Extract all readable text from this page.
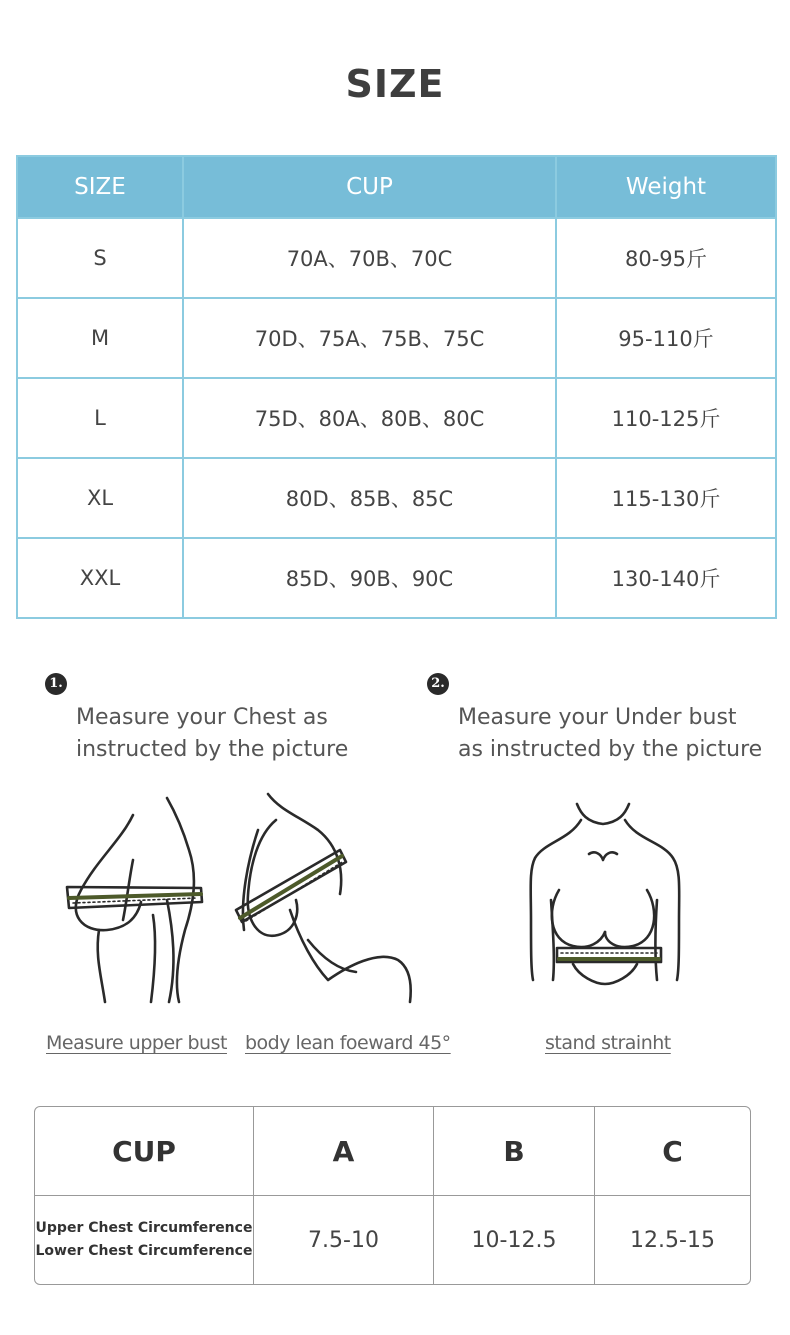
SIZE
SIZE	CUP	Weight
S	70A、70B、70C	80-95斤
M	70D、75A、75B、75C	95-110斤
L	75D、80A、80B、80C	110-125斤
XL	80D、85B、85C	115-130斤
XXL	85D、90B、90C	130-140斤
1.
Measure your Chest as
instructed by the picture
2.
Measure your Under bust
as instructed by the picture
Measure upper bust body lean foeward 45°	stand strainht
CUP	A	B	C

Upper Chest Circumference
Lower Chest Circumference	7.5-10	10-12.5	12.5-15
